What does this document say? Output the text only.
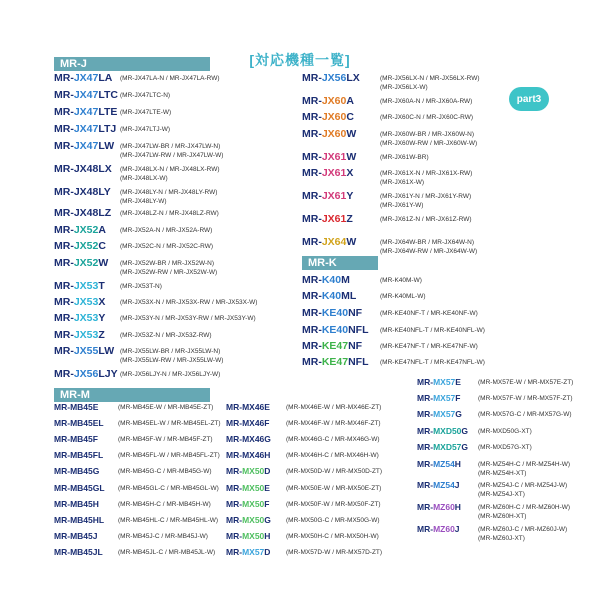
[対応機種一覧]
part3
MR-J
MR-K
MR-M
MR-JX47LA (MR-JX47LA-N / MR-JX47LA-RW)
MR-JX47LTC (MR-JX47LTC-N)
MR-JX47LTE (MR-JX47LTE-W)
MR-JX47LTJ (MR-JX47LTJ-W)
MR-JX47LW (MR-JX47LW-BR / MR-JX47LW-N)
(MR-JX47LW-RW / MR-JX47LW-W)
MR-JX48LX (MR-JX48LX-N / MR-JX48LX-RW)
(MR-JX48LX-W)
MR-JX48LY (MR-JX48LY-N / MR-JX48LY-RW)
(MR-JX48LY-W)
MR-JX48LZ (MR-JX48LZ-N / MR-JX48LZ-RW)
MR-JX52A (MR-JX52A-N / MR-JX52A-RW)
MR-JX52C (MR-JX52C-N / MR-JX52C-RW)
MR-JX52W (MR-JX52W-BR / MR-JX52W-N)
(MR-JX52W-RW / MR-JX52W-W)
MR-JX53T (MR-JX53T-N)
MR-JX53X (MR-JX53X-N / MR-JX53X-RW / MR-JX53X-W)
MR-JX53Y (MR-JX53Y-N / MR-JX53Y-RW / MR-JX53Y-W)
MR-JX53Z (MR-JX53Z-N / MR-JX53Z-RW)
MR-JX55LW (MR-JX55LW-BR / MR-JX55LW-N)
(MR-JX55LW-RW / MR-JX55LW-W)
MR-JX56LJY (MR-JX56LJY-N / MR-JX56LJY-W)
MR-JX56LX	(MR-JX56LX-N / MR-JX56LX-RW)
(MR-JX56LX-W)
MR-JX60A	(MR-JX60A-N / MR-JX60A-RW)
MR-JX60C	(MR-JX60C-N / MR-JX60C-RW)
MR-JX60W	(MR-JX60W-BR / MR-JX60W-N)
(MR-JX60W-RW / MR-JX60W-W)
MR-JX61W	(MR-JX61W-BR)
MR-JX61X	(MR-JX61X-N / MR-JX61X-RW)
(MR-JX61X-W)
MR-JX61Y	(MR-JX61Y-N / MR-JX61Y-RW)
(MR-JX61Y-W)
MR-JX61Z	(MR-JX61Z-N / MR-JX61Z-RW)
MR-JX64W	(MR-JX64W-BR / MR-JX64W-N)
(MR-JX64W-RW / MR-JX64W-W)
MR-K40M	(MR-K40M-W)
MR-K40ML	(MR-K40ML-W)
MR-KE40NF	(MR-KE40NF-T / MR-KE40NF-W)
MR-KE40NFL (MR-KE40NFL-T / MR-KE40NFL-W)
MR-KE47NF	(MR-KE47NF-T / MR-KE47NF-W)
MR-KE47NFL (MR-KE47NFL-T / MR-KE47NFL-W)
MR-MB45E	(MR-MB45E-W / MR-MB45E-ZT)
MR-MB45EL (MR-MB45EL-W / MR-MB45EL-ZT)
MR-MB45F	(MR-MB45F-W / MR-MB45F-ZT)
MR-MB45FL (MR-MB45FL-W / MR-MB45FL-ZT)
MR-MB45G	(MR-MB45G-C / MR-MB45G-W)
MR-MB45GL (MR-MB45GL-C / MR-MB45GL-W)
MR-MB45H	(MR-MB45H-C / MR-MB45H-W)
MR-MB45HL (MR-MB45HL-C / MR-MB45HL-W)
MR-MB45J	(MR-MB45J-C / MR-MB45J-W)
MR-MB45JL (MR-MB45JL-C / MR-MB45JL-W)
MR-MX46E (MR-MX46E-W / MR-MX46E-ZT)
MR-MX46F	(MR-MX46F-W / MR-MX46F-ZT)
MR-MX46G (MR-MX46G-C / MR-MX46G-W)
MR-MX46H (MR-MX46H-C / MR-MX46H-W)
MR-MX50D (MR-MX50D-W / MR-MX50D-ZT)
MR-MX50E (MR-MX50E-W / MR-MX50E-ZT)
MR-MX50F	(MR-MX50F-W / MR-MX50F-ZT)
MR-MX50G (MR-MX50G-C / MR-MX50G-W)
MR-MX50H (MR-MX50H-C / MR-MX50H-W)
MR-MX57D (MR-MX57D-W / MR-MX57D-ZT)
MR-MX57E	(MR-MX57E-W / MR-MX57E-ZT)
MR-MX57F	(MR-MX57F-W / MR-MX57F-ZT)
MR-MX57G (MR-MX57G-C / MR-MX57G-W)
MR-MXD50G (MR-MXD50G-XT)
MR-MXD57G (MR-MXD57G-XT)
MR-MZ54H	(MR-MZ54H-C / MR-MZ54H-W)
(MR-MZ54H-XT)
MR-MZ54J	(MR-MZ54J-C / MR-MZ54J-W)
(MR-MZ54J-XT)
MR-MZ60H	(MR-MZ60H-C / MR-MZ60H-W)
(MR-MZ60H-XT)
MR-MZ60J	(MR-MZ60J-C / MR-MZ60J-W)
(MR-MZ60J-XT)
